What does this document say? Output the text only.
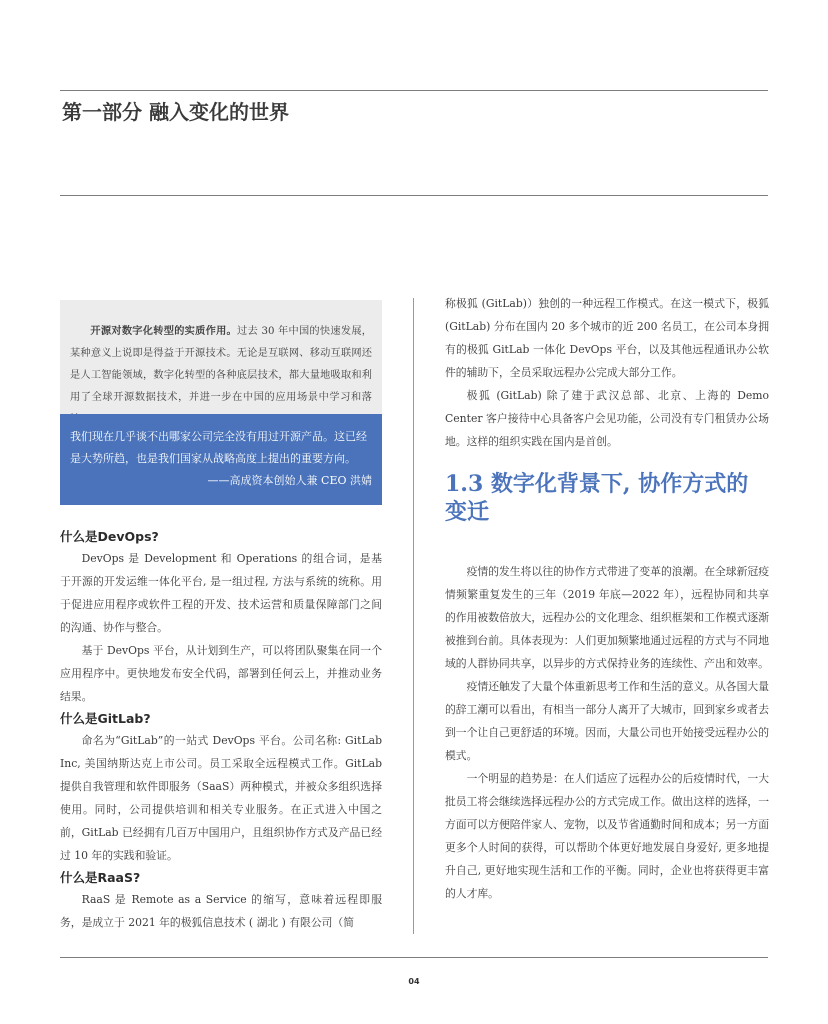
第一部分 融入变化的世界

开源对数字化转型的实质作用。过去 30 年中国的快速发展，某种意义上说即是得益于开源技术。无论是互联网、移动互联网还是人工智能领域，数字化转型的各种底层技术，都大量地吸取和利用了全球开源数据技术，并进一步在中国的应用场景中学习和落

我们现在几乎谈不出哪家公司完全没有用过开源产品。这已经是大势所趋，也是我们国家从战略高度上提出的重要方向。

——高成资本创始人兼 CEO 洪婧

什么是DevOps?

DevOps 是 Development 和 Operations 的组合词，是基于开源的开发运维一体化平台, 是一组过程, 方法与系统的统称。用于促进应用程序或软件工程的开发、技术运营和质量保障部门之间的沟通、协作与整合。

基于 DevOps 平台，从计划到生产，可以将团队聚集在同一个应用程序中。更快地发布安全代码，部署到任何云上，并推动业务结果。

什么是GitLab?

命名为“GitLab”的一站式 DevOps 平台。公司名称: GitLab Inc, 美国纳斯达克上市公司。员工采取全远程模式工作。GitLab 提供自我管理和软件即服务（SaaS）两种模式，并被众多组织选择使用。同时，公司提供培训和相关专业服务。在正式进入中国之前，GitLab 已经拥有几百万中国用户，且组织协作方式及产品已经过 10 年的实践和验证。

什么是RaaS?

RaaS 是 Remote as a Service 的缩写，意味着远程即服务，是成立于 2021 年的极狐信息技术 ( 湖北 ) 有限公司（简

称极狐 (GitLab)）独创的一种远程工作模式。在这一模式下，极狐 (GitLab) 分布在国内 20 多个城市的近 200 名员工，在公司本身拥有的极狐 GitLab 一体化 DevOps 平台，以及其他远程通讯办公软件的辅助下，全员采取远程办公完成大部分工作。

极狐 (GitLab) 除了建于武汉总部、北京、上海的 Demo Center 客户接待中心具备客户会见功能，公司没有专门租赁办公场地。这样的组织实践在国内是首创。

1.3 数字化背景下, 协作方式的变迁

疫情的发生将以往的协作方式带进了变革的浪潮。在全球新冠疫情频繁重复发生的三年（2019 年底—2022 年），远程协同和共享的作用被数倍放大，远程办公的文化理念、组织框架和工作模式逐渐被推到台前。具体表现为：人们更加频繁地通过远程的方式与不同地域的人群协同共享，以异步的方式保持业务的连续性、产出和效率。

疫情还触发了大量个体重新思考工作和生活的意义。从各国大量的辞工潮可以看出，有相当一部分人离开了大城市，回到家乡或者去到一个让自己更舒适的环境。因而，大量公司也开始接受远程办公的模式。

一个明显的趋势是：在人们适应了远程办公的后疫情时代，一大批员工将会继续选择远程办公的方式完成工作。做出这样的选择，一方面可以方便陪伴家人、宠物，以及节省通勤时间和成本；另一方面更多个人时间的获得，可以帮助个体更好地发展自身爱好, 更多地提升自己, 更好地实现生活和工作的平衡。同时，企业也将获得更丰富的人才库。

04
